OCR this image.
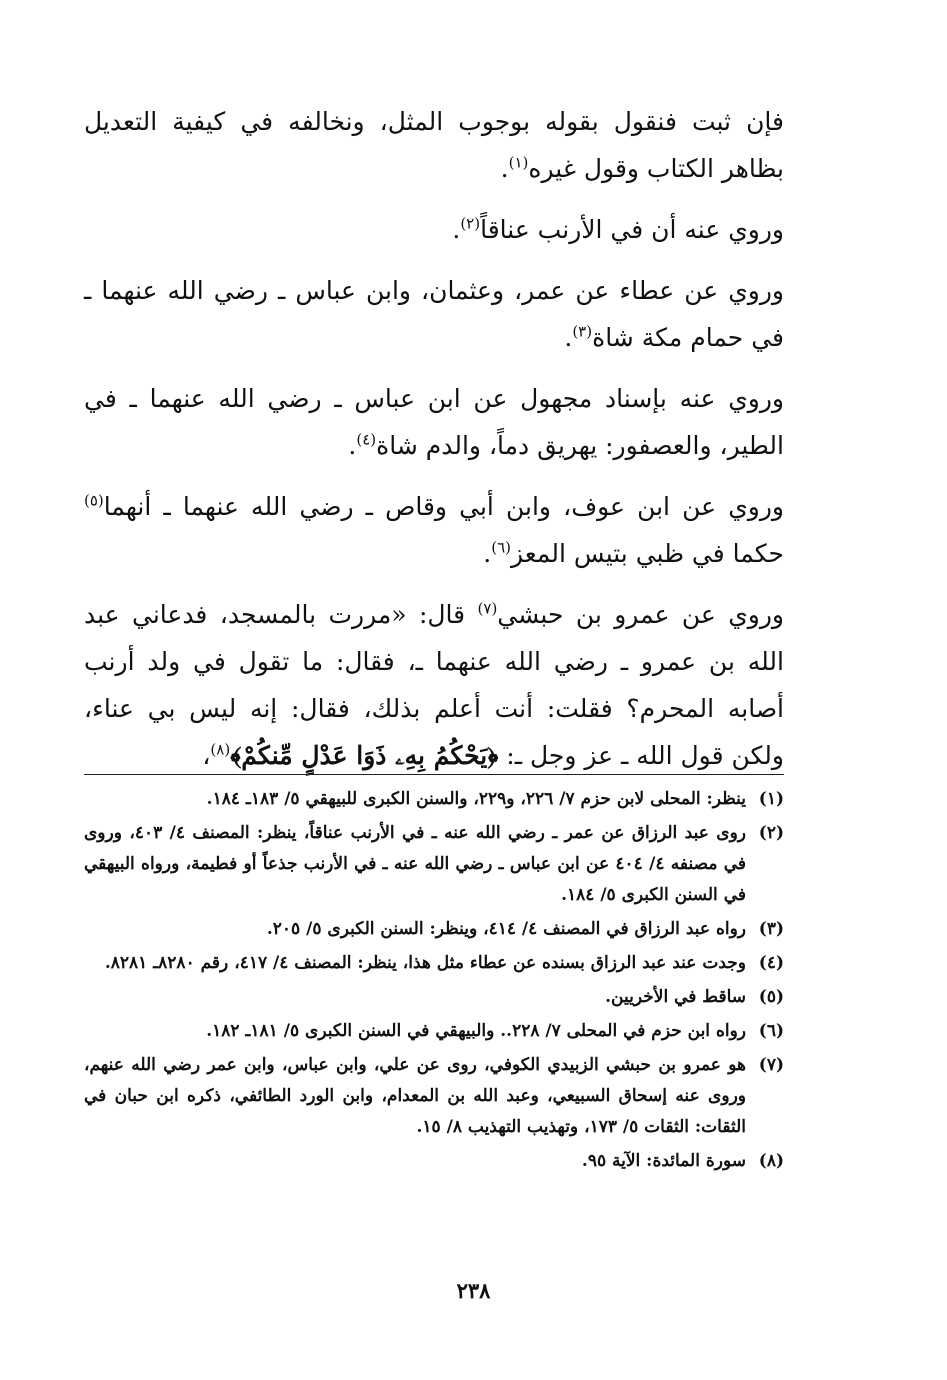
فإن ثبت فنقول بقوله بوجوب المثل، ونخالفه في كيفية التعديل بظاهر الكتاب وقول غيره$^{(١)}$.

وروي عنه أن في الأرنب عناقاً$^{(٢)}$.

وروي عن عطاء عن عمر، وعثمان، وابن عباس ـ رضي الله عنهما ـ في حمام مكة شاة$^{(٣)}$.

وروي عنه بإسناد مجهول عن ابن عباس ـ رضي الله عنهما ـ في الطير، والعصفور: يهريق دماً، والدم شاة$^{(٤)}$.

وروي عن ابن عوف، وابن أبي وقاص ـ رضي الله عنهما ـ أنهما$^{(٥)}$ حكما في ظبي بتيس المعز$^{(٦)}$.

وروي عن عمرو بن حبشي$^{(٧)}$ قال: «مررت بالمسجد، فدعاني عبد الله بن عمرو ـ رضي الله عنهما ـ، فقال: ما تقول في ولد أرنب أصابه المحرم؟ فقلت: أنت أعلم بذلك، فقال: إنه ليس بي عناء، ولكن قول الله ـ عز وجل ـ: ﴿يَحْكُمُ بِهِۦ ذَوَا عَدْلٍ مِّنكُمْ﴾$^{(٨)}$،

(١)
ينظر: المحلى لابن حزم ٧/ ٢٢٦، و٢٢٩، والسنن الكبرى للبيهقي ٥/ ١٨٣ـ ١٨٤.
(٢)
روى عبد الرزاق عن عمر ـ رضي الله عنه ـ في الأرنب عناقاً، ينظر: المصنف ٤/ ٤٠٣، وروى في مصنفه ٤/ ٤٠٤ عن ابن عباس ـ رضي الله عنه ـ في الأرنب جذعاً أو فطيمة، ورواه البيهقي في السنن الكبرى ٥/ ١٨٤.
(٣)
رواه عبد الرزاق في المصنف ٤/ ٤١٤، وينظر: السنن الكبرى ٥/ ٢٠٥.
(٤)
وجدت عند عبد الرزاق بسنده عن عطاء مثل هذا، ينظر: المصنف ٤/ ٤١٧، رقم ٨٢٨٠ـ ٨٢٨١.
(٥)
ساقط في الأخريين.
(٦)
رواه ابن حزم في المحلى ٧/ ٢٢٨.. والبيهقي في السنن الكبرى ٥/ ١٨١ـ ١٨٢.
(٧)
هو عمرو بن حبشي الزبيدي الكوفي، روى عن علي، وابن عباس، وابن عمر رضي الله عنهم، وروى عنه إسحاق السبيعي، وعبد الله بن المعدام، وابن الورد الطائفي، ذكره ابن حبان في الثقات: الثقات ٥/ ١٧٣، وتهذيب التهذيب ٨/ ١٥.
(٨)
سورة المائدة: الآية ٩٥.
٢٣٨
